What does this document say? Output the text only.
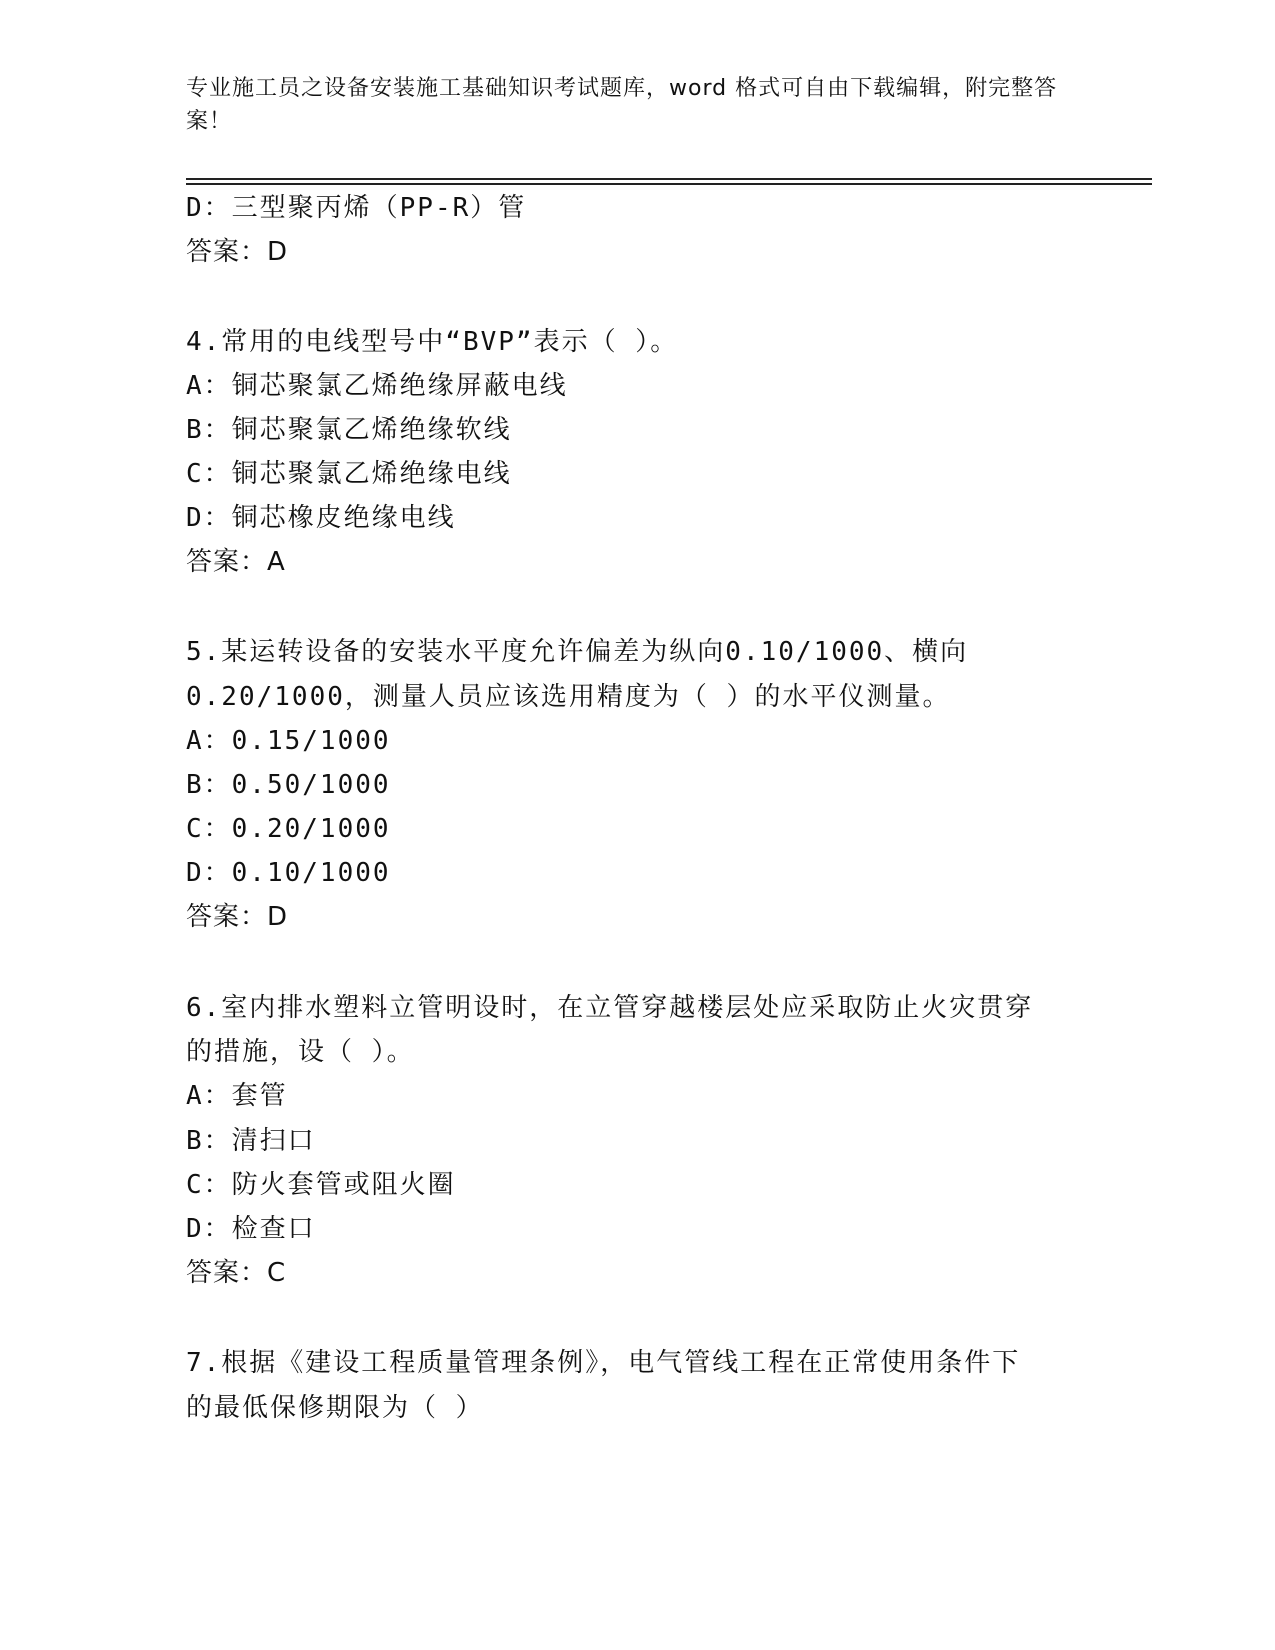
专业施工员之设备安装施工基础知识考试题库，word 格式可自由下载编辑，附完整答案！
D：三型聚丙烯（PP-R）管
答案：D
4.常用的电线型号中“BVP”表示（ ）。
A：铜芯聚氯乙烯绝缘屏蔽电线
B：铜芯聚氯乙烯绝缘软线
C：铜芯聚氯乙烯绝缘电线
D：铜芯橡皮绝缘电线
答案：A
5.某运转设备的安装水平度允许偏差为纵向0.10/1000、横向
0.20/1000，测量人员应该选用精度为（ ）的水平仪测量。
A：0.15/1000
B：0.50/1000
C：0.20/1000
D：0.10/1000
答案：D
6.室内排水塑料立管明设时，在立管穿越楼层处应采取防止火灾贯穿
的措施，设（ ）。
A：套管
B：清扫口
C：防火套管或阻火圈
D：检查口
答案：C
7.根据《建设工程质量管理条例》，电气管线工程在正常使用条件下
的最低保修期限为（ ）
